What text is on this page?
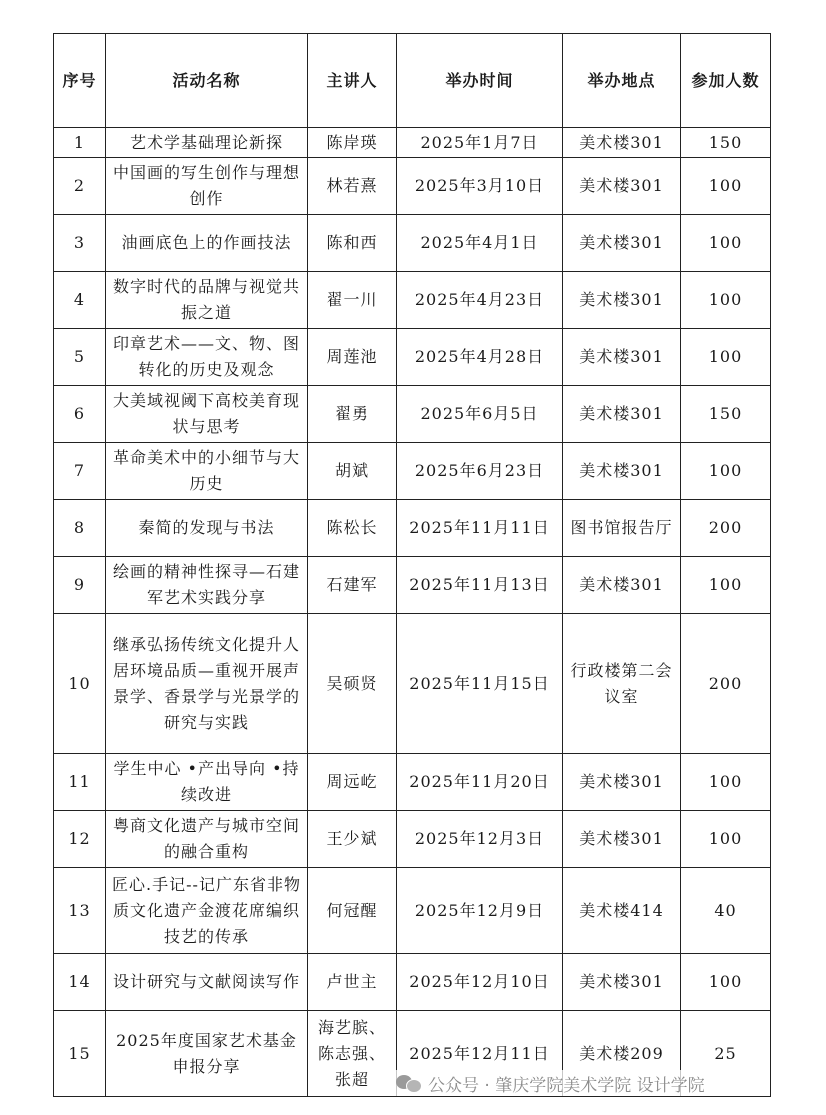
序号	活动名称	主讲人	举办时间	举办地点	参加人数
1	艺术学基础理论新探	陈岸瑛	2025年1月7日	美术楼301	150
2	中国画的写生创作与理想创作	林若熹	2025年3月10日	美术楼301	100
3	油画底色上的作画技法	陈和西	2025年4月1日	美术楼301	100
4	数字时代的品牌与视觉共振之道	翟一川	2025年4月23日	美术楼301	100
5	印章艺术——文、物、图转化的历史及观念	周莲池	2025年4月28日	美术楼301	100
6	大美域视阈下高校美育现状与思考	翟勇	2025年6月5日	美术楼301	150
7	革命美术中的小细节与大历史	胡斌	2025年6月23日	美术楼301	100
8	秦简的发现与书法	陈松长	2025年11月11日	图书馆报告厅	200
9	绘画的精神性探寻—石建军艺术实践分享	石建军	2025年11月13日	美术楼301	100
10	继承弘扬传统文化提升人居环境品质—重视开展声景学、香景学与光景学的研究与实践	吴硕贤	2025年11月15日	行政楼第二会议室	200
11	学生中心 •产出导向 •持续改进	周远屹	2025年11月20日	美术楼301	100
12	粤商文化遗产与城市空间的融合重构	王少斌	2025年12月3日	美术楼301	100
13	匠心.手记--记广东省非物质文化遗产金渡花席编织技艺的传承	何冠醒	2025年12月9日	美术楼414	40
14	设计研究与文献阅读写作	卢世主	2025年12月10日	美术楼301	100
15	2025年度国家艺术基金申报分享	海艺膑、陈志强、张超	2025年12月11日	美术楼209	25
公众号 · 肇庆学院美术学院 设计学院
